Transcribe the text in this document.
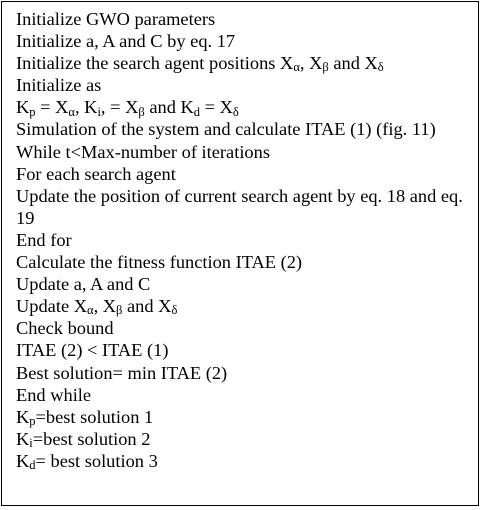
Initialize GWO parameters
Initialize a, A and C by eq. 17
Initialize the search agent positions $X_\alpha$, $X_\beta$ and $X_\delta$
Initialize as
$K_p = X_\alpha$, $K_i$, = $X_\beta$ and $K_d = X_\delta$
Simulation of the system and calculate ITAE (1) (fig. 11)
While t<Max-number of iterations
For each search agent
Update the position of current search agent by eq. 18 and eq. 19
End for
Calculate the fitness function ITAE (2)
Update a, A and C
Update $X_\alpha$, $X_\beta$ and $X_\delta$
Check bound
ITAE (2) < ITAE (1)
Best solution= min ITAE (2)
End while
$K_p=best$ solution 1
$K_i=best$ solution 2
$K_d=$ best solution 3
